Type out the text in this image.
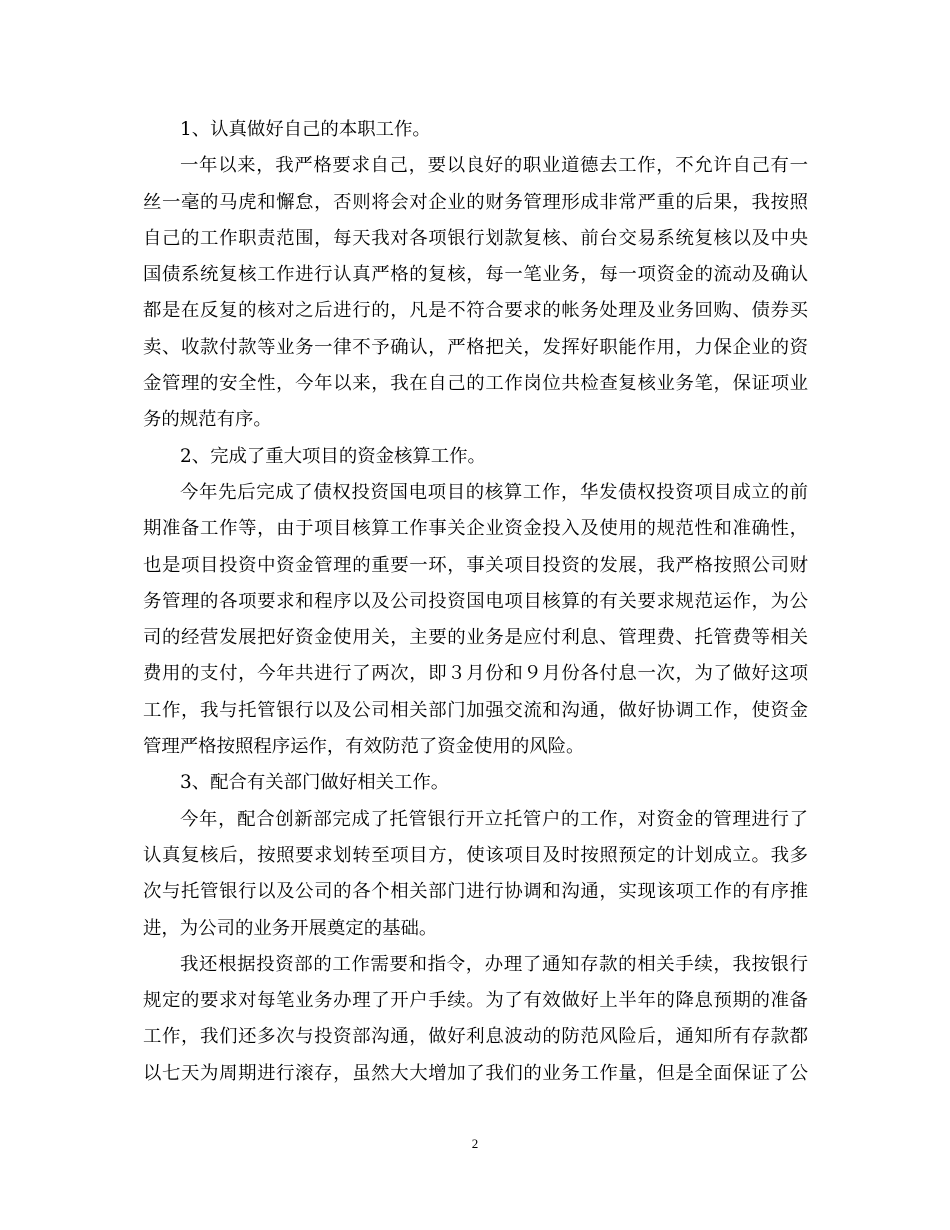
1、认真做好自己的本职工作。
一年以来，我严格要求自己，要以良好的职业道德去工作，不允许自己有一
丝一毫的马虎和懈怠，否则将会对企业的财务管理形成非常严重的后果，我按照
自己的工作职责范围，每天我对各项银行划款复核、前台交易系统复核以及中央
国债系统复核工作进行认真严格的复核，每一笔业务，每一项资金的流动及确认
都是在反复的核对之后进行的，凡是不符合要求的帐务处理及业务回购、债券买
卖、收款付款等业务一律不予确认，严格把关，发挥好职能作用，力保企业的资
金管理的安全性，今年以来，我在自己的工作岗位共检查复核业务笔，保证项业
务的规范有序。
2、完成了重大项目的资金核算工作。
今年先后完成了债权投资国电项目的核算工作，华发债权投资项目成立的前
期准备工作等，由于项目核算工作事关企业资金投入及使用的规范性和准确性，
也是项目投资中资金管理的重要一环，事关项目投资的发展，我严格按照公司财
务管理的各项要求和程序以及公司投资国电项目核算的有关要求规范运作，为公
司的经营发展把好资金使用关，主要的业务是应付利息、管理费、托管费等相关
费用的支付，今年共进行了两次，即３月份和９月份各付息一次，为了做好这项
工作，我与托管银行以及公司相关部门加强交流和沟通，做好协调工作，使资金
管理严格按照程序运作，有效防范了资金使用的风险。
3、配合有关部门做好相关工作。
今年，配合创新部完成了托管银行开立托管户的工作，对资金的管理进行了
认真复核后，按照要求划转至项目方，使该项目及时按照预定的计划成立。我多
次与托管银行以及公司的各个相关部门进行协调和沟通，实现该项工作的有序推
进，为公司的业务开展奠定的基础。
我还根据投资部的工作需要和指令，办理了通知存款的相关手续，我按银行
规定的要求对每笔业务办理了开户手续。为了有效做好上半年的降息预期的准备
工作，我们还多次与投资部沟通，做好利息波动的防范风险后，通知所有存款都
以七天为周期进行滚存，虽然大大增加了我们的业务工作量，但是全面保证了公
2
